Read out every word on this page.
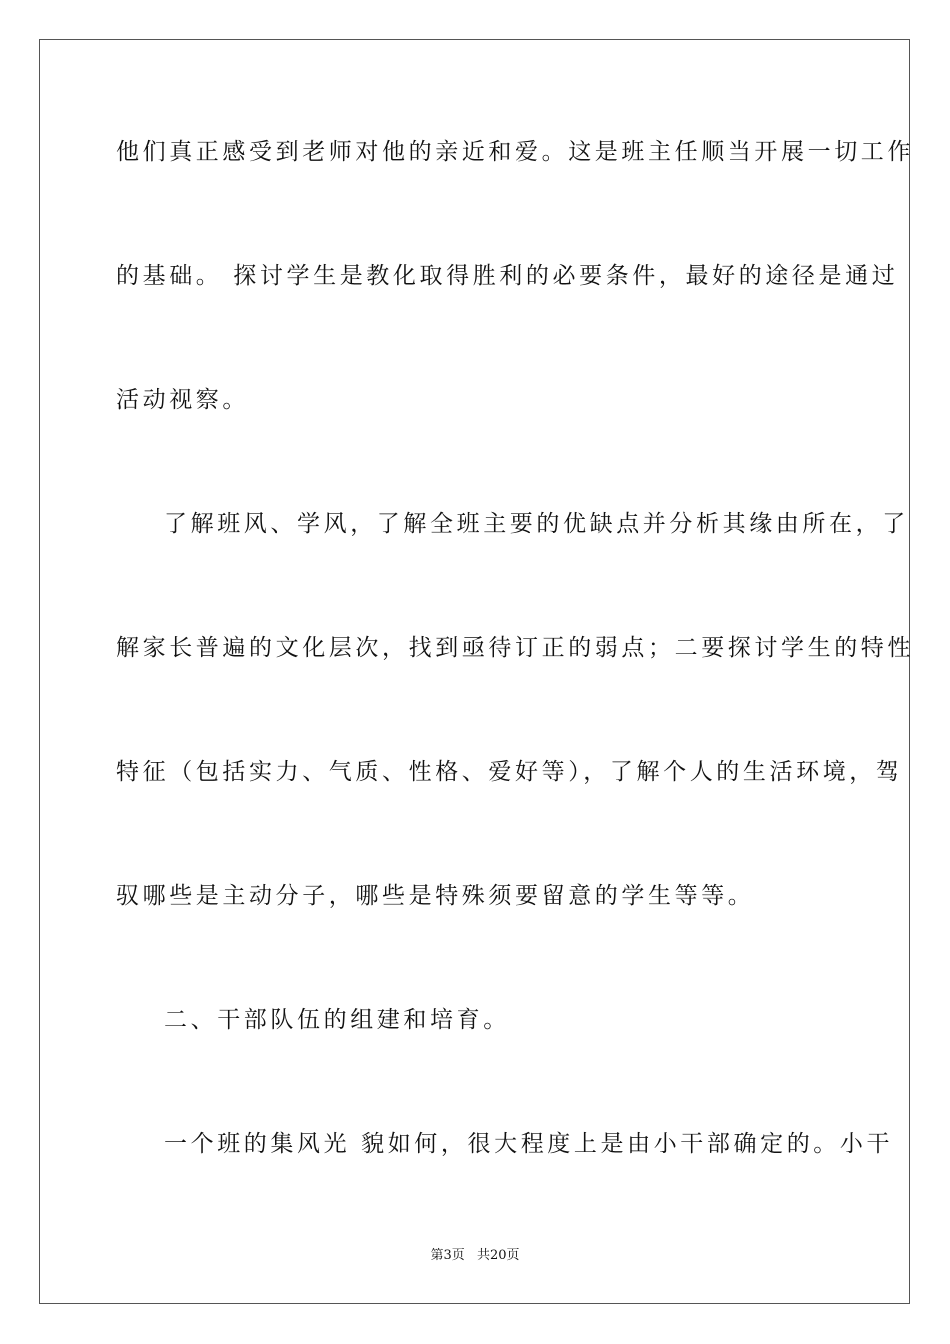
他们真正感受到老师对他的亲近和爱。这是班主任顺当开展一切工作
的基础。 探讨学生是教化取得胜利的必要条件，最好的途径是通过
活动视察。
了解班风、学风，了解全班主要的优缺点并分析其缘由所在，了
解家长普遍的文化层次，找到亟待订正的弱点；二要探讨学生的特性
特征（包括实力、气质、性格、爱好等），了解个人的生活环境，驾
驭哪些是主动分子，哪些是特殊须要留意的学生等等。
二、干部队伍的组建和培育。
一个班的集风光 貌如何，很大程度上是由小干部确定的。小干
第3页 共20页
